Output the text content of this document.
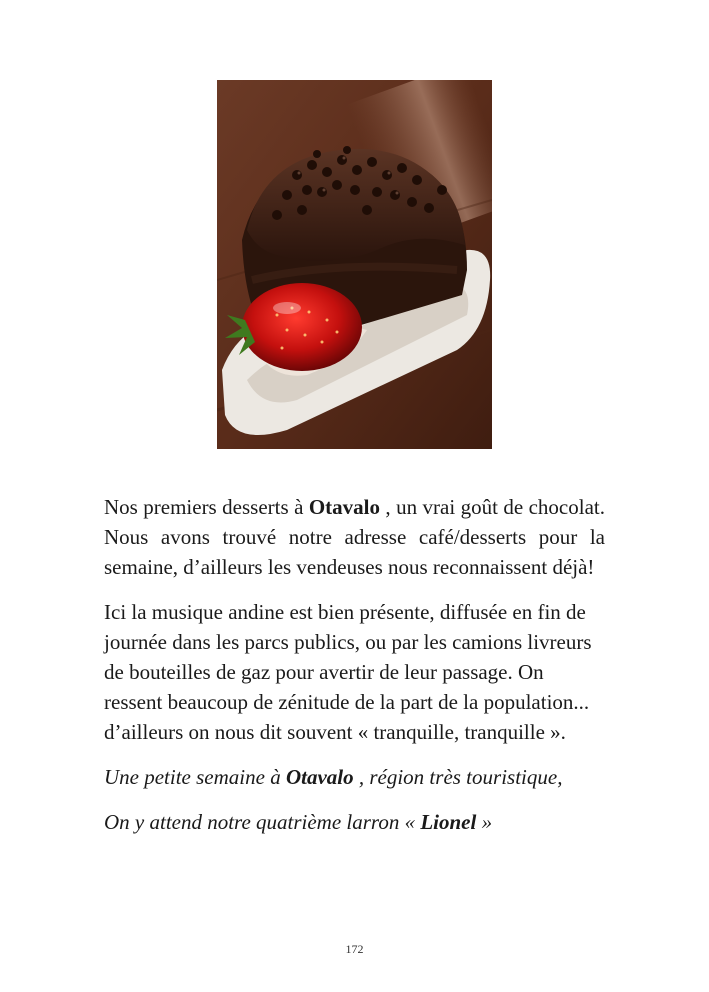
Nos premiers desserts à Otavalo , un vrai goût de chocolat. Nous avons trouvé notre adresse café/desserts pour la semaine, d’ailleurs les vendeuses nous reconnaissent déjà!

Ici la musique andine est bien présente, diffusée en fin de journée dans les parcs publics, ou par les camions livreurs de bouteilles de gaz pour avertir de leur passage. On ressent beaucoup de zénitude de la part de la population... d’ailleurs on nous dit souvent « tranquille, tranquille ».

Une petite semaine à Otavalo , région très touristique,

On y attend notre quatrième larron « Lionel »

172
